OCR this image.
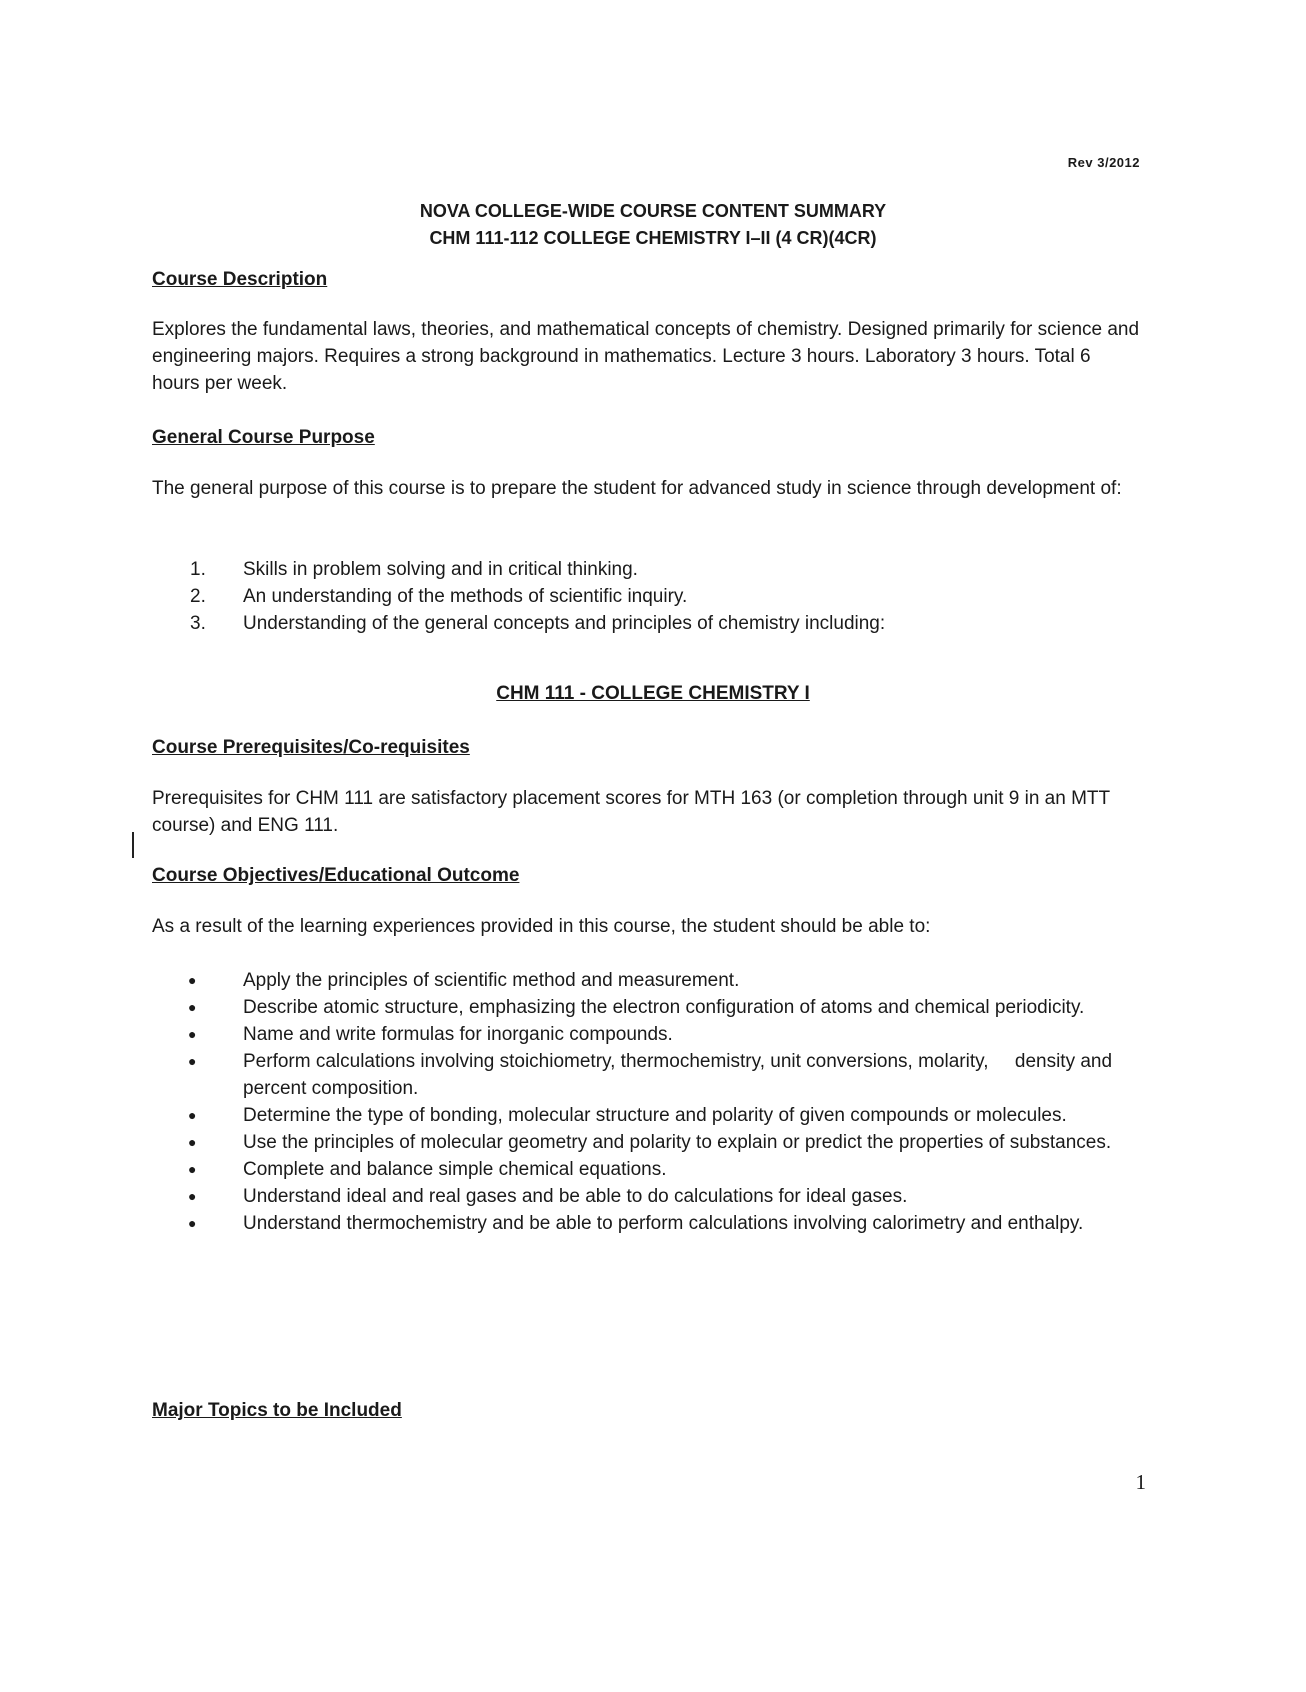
Rev 3/2012
NOVA COLLEGE-WIDE COURSE CONTENT SUMMARY
CHM 111-112 COLLEGE CHEMISTRY I–II (4 CR)(4CR)

Course Description

Explores the fundamental laws, theories, and mathematical concepts of chemistry. Designed primarily for science and engineering majors. Requires a strong background in mathematics. Lecture 3 hours. Laboratory 3 hours. Total 6 hours per week.

General Course Purpose

The general purpose of this course is to prepare the student for advanced study in science through development of:

1. Skills in problem solving and in critical thinking.
2. An understanding of the methods of scientific inquiry.
3. Understanding of the general concepts and principles of chemistry including:
CHM 111 - COLLEGE CHEMISTRY I

Course Prerequisites/Co-requisites

Prerequisites for CHM 111 are satisfactory placement scores for MTH 163 (or completion through unit 9 in an MTT course) and ENG 111.

Course Objectives/Educational Outcome

As a result of the learning experiences provided in this course, the student should be able to:

● Apply the principles of scientific method and measurement.
● Describe atomic structure, emphasizing the electron configuration of atoms and chemical periodicity.
● Name and write formulas for inorganic compounds.
● Perform calculations involving stoichiometry, thermochemistry, unit conversions, molarity,     density and percent composition.
● Determine the type of bonding, molecular structure and polarity of given compounds or molecules.
● Use the principles of molecular geometry and polarity to explain or predict the properties of substances.
● Complete and balance simple chemical equations.
● Understand ideal and real gases and be able to do calculations for ideal gases.
● Understand thermochemistry and be able to perform calculations involving calorimetry and enthalpy.

Major Topics to be Included

1
